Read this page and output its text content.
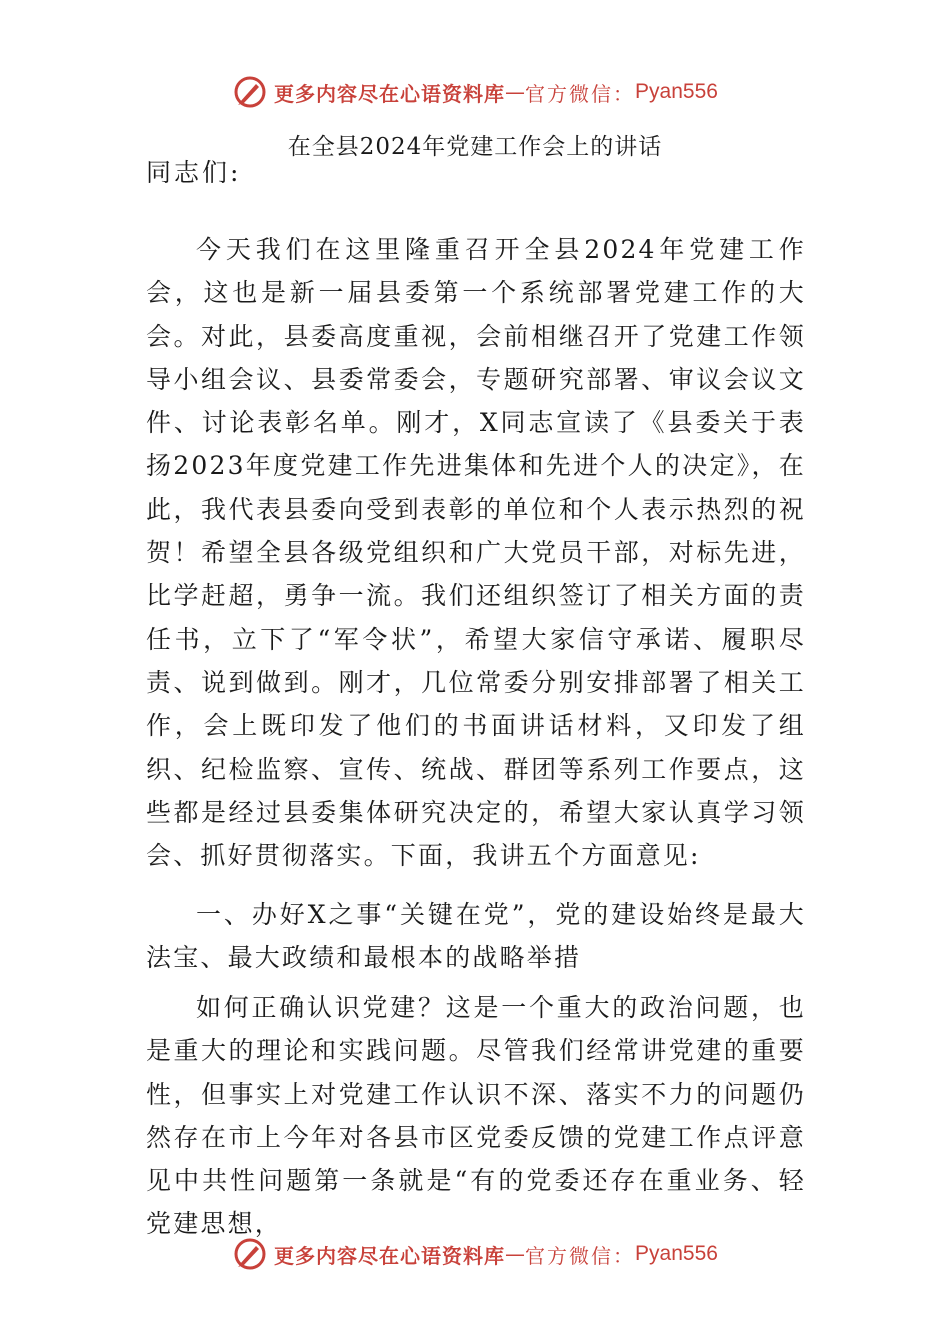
更多内容尽在心语资料库 — 官方微信： Pyan556
在全县2024年党建工作会上的讲话
同志们:

今天我们在这里隆重召开全县2024年党建工作会，这也是新一届县委第一个系统部署党建工作的大会。对此，县委高度重视，会前相继召开了党建工作领导小组会议、县委常委会，专题研究部署、审议会议文件、讨论表彰名单。刚才，X同志宣读了《县委关于表扬2023年度党建工作先进集体和先进个人的决定》，在此，我代表县委向受到表彰的单位和个人表示热烈的祝贺！希望全县各级党组织和广大党员干部，对标先进，比学赶超，勇争一流。我们还组织签订了相关方面的责任书，立下了“军令状”，希望大家信守承诺、履职尽责、说到做到。刚才，几位常委分别安排部署了相关工作，会上既印发了他们的书面讲话材料，又印发了组织、纪检监察、宣传、统战、群团等系列工作要点，这些都是经过县委集体研究决定的，希望大家认真学习领会、抓好贯彻落实。下面，我讲五个方面意见:

一、办好X之事“关键在党”，党的建设始终是最大法宝、最大政绩和最根本的战略举措

如何正确认识党建？这是一个重大的政治问题，也是重大的理论和实践问题。尽管我们经常讲党建的重要性，但事实上对党建工作认识不深、落实不力的问题仍然存在市上今年对各县市区党委反馈的党建工作点评意见中共性问题第一条就是“有的党委还存在重业务、轻党建思想，

更多内容尽在心语资料库 — 官方微信： Pyan556
